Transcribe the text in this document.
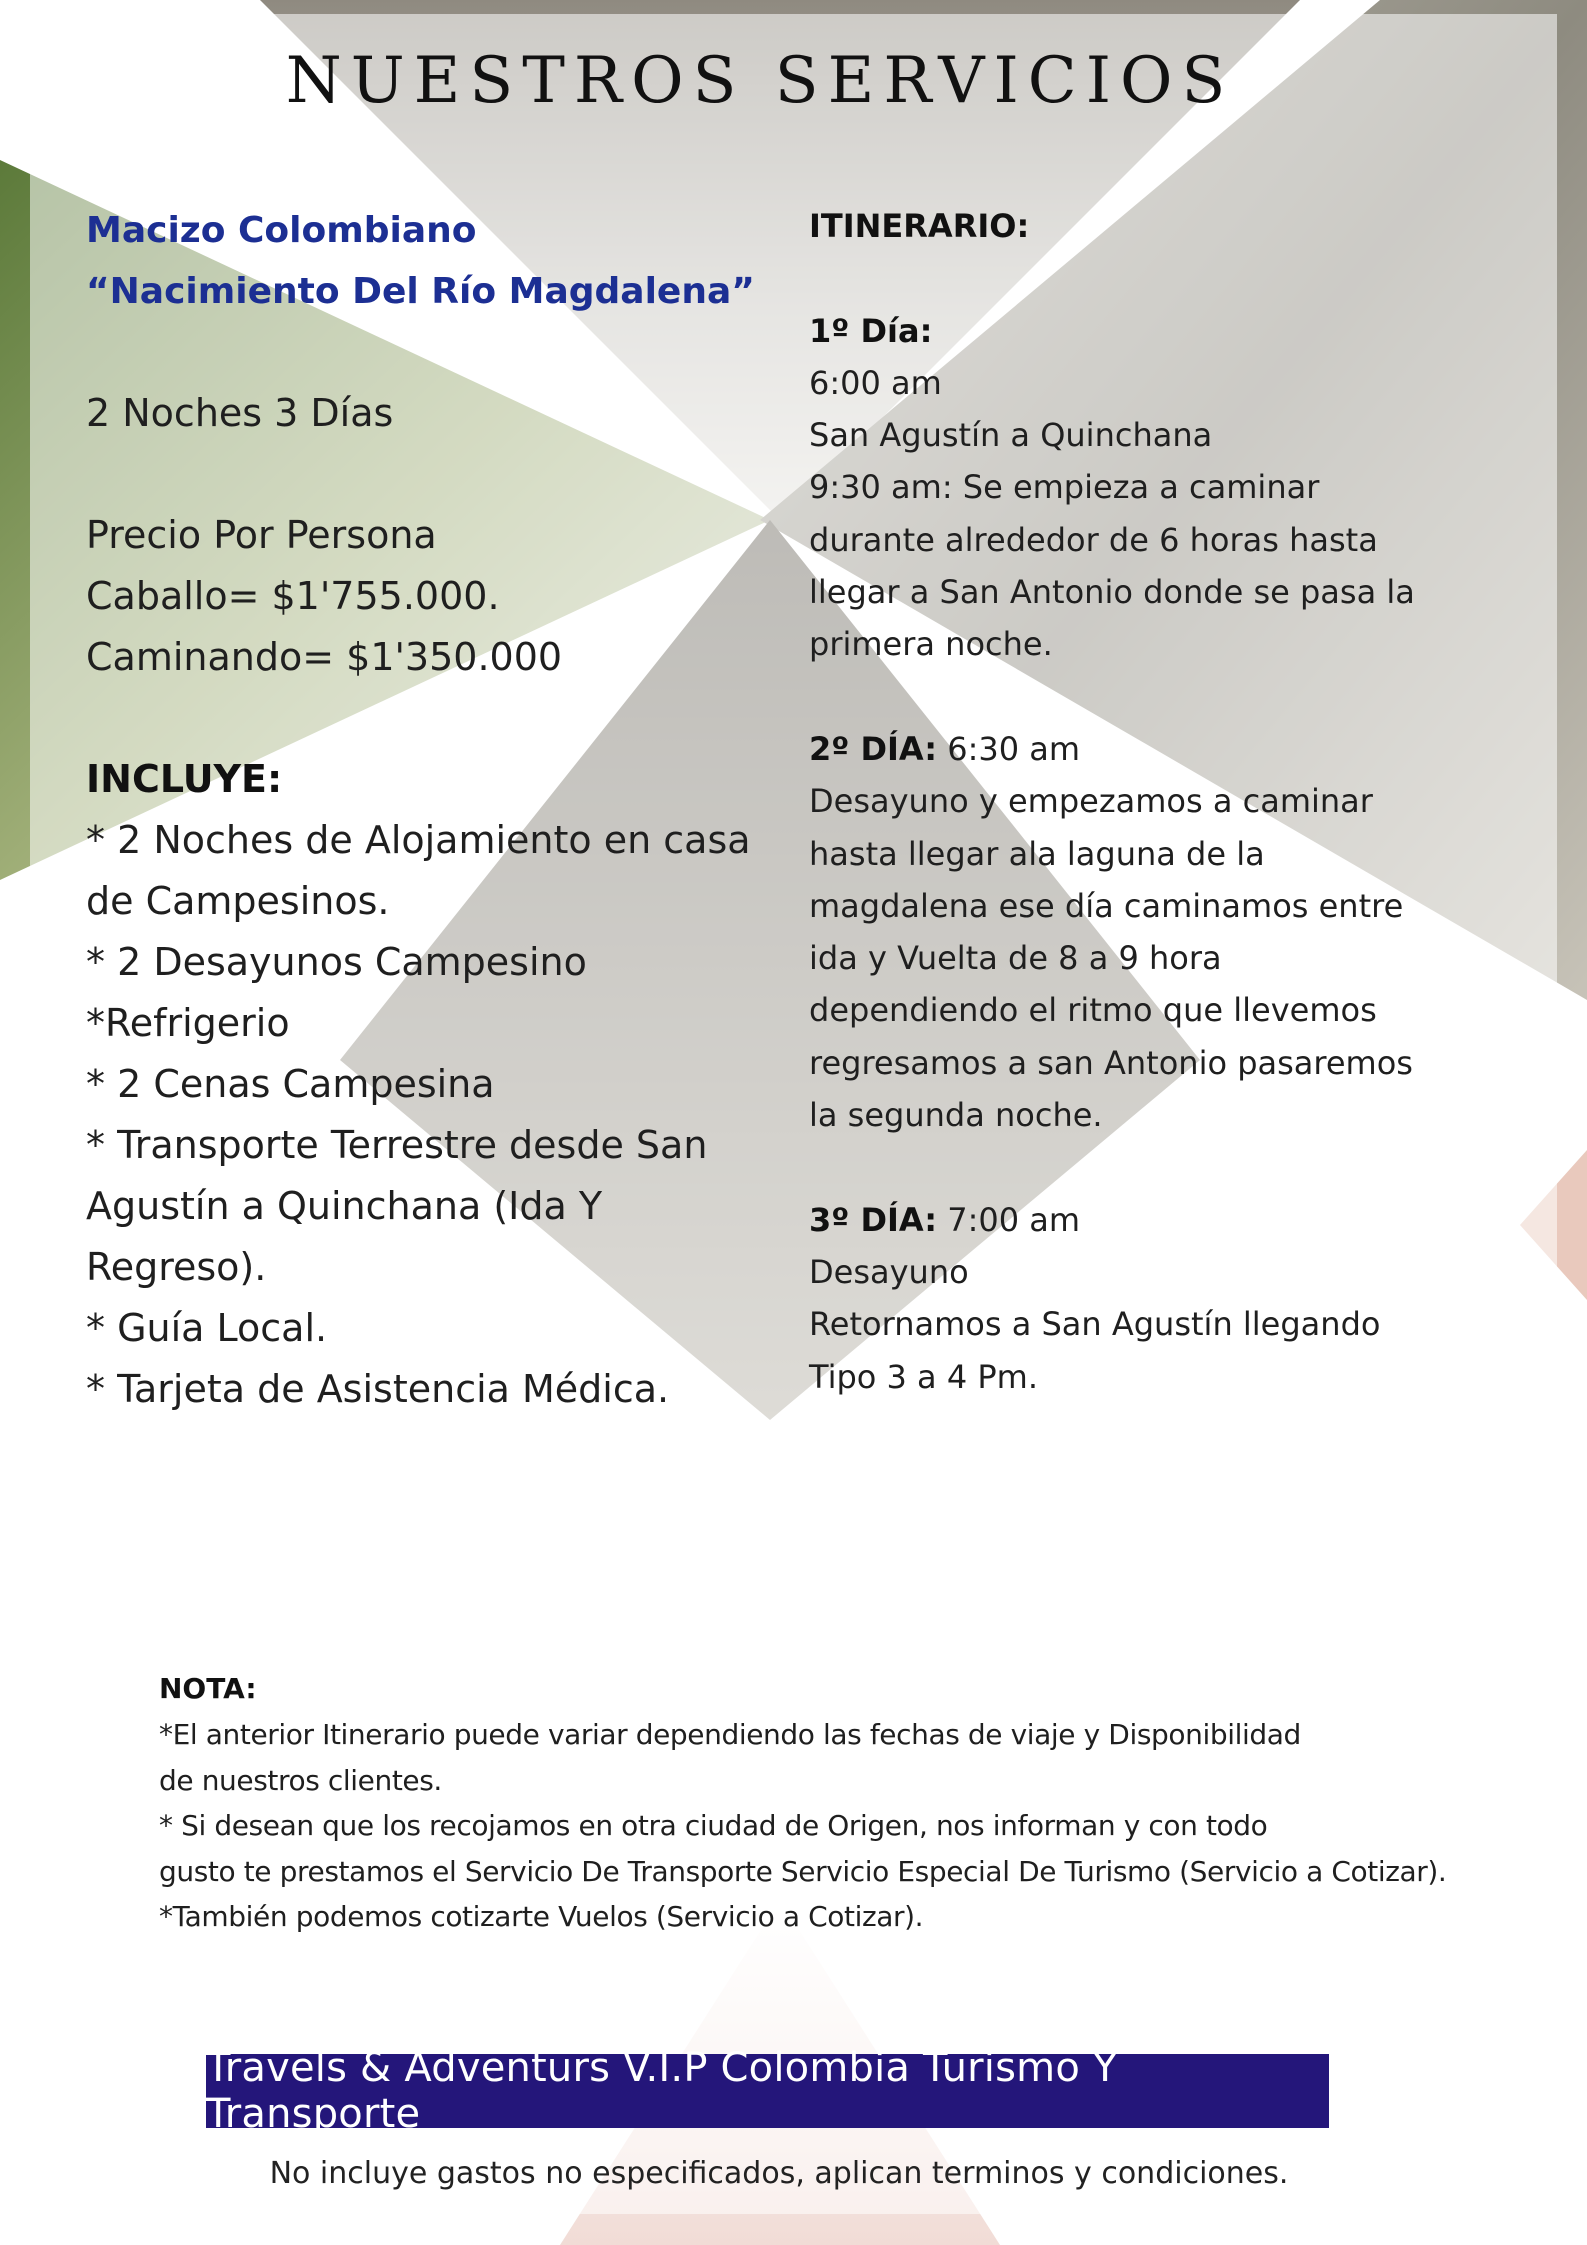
NUESTROS SERVICIOS
Macizo Colombiano
“Nacimiento Del Río Magdalena”
2 Noches 3 Días
Precio Por Persona
Caballo= $1'755.000.
Caminando= $1'350.000
INCLUYE:
* 2 Noches de Alojamiento en casa
de Campesinos.
* 2 Desayunos Campesino
*Refrigerio
* 2 Cenas Campesina
* Transporte Terrestre desde San
Agustín a Quinchana (Ida Y
Regreso).
* Guía Local.
* Tarjeta de Asistencia Médica.
ITINERARIO:
1º Día:
6:00 am
San Agustín a Quinchana
9:30 am: Se empieza a caminar
durante alrededor de 6 horas hasta
llegar a San Antonio donde se pasa la
primera noche.
2º DÍA: 6:30 am
Desayuno y empezamos a caminar
hasta llegar ala laguna de la
magdalena ese día caminamos entre
ida y Vuelta de 8 a 9 hora
dependiendo el ritmo que llevemos
regresamos a san Antonio pasaremos
la segunda noche.
3º DÍA: 7:00 am
Desayuno
Retornamos a San Agustín llegando
Tipo 3 a 4 Pm.
NOTA:
*El anterior Itinerario puede variar dependiendo las fechas de viaje y Disponibilidad
de nuestros clientes.
* Si desean que los recojamos en otra ciudad de Origen, nos informan y con todo
gusto te prestamos el Servicio De Transporte Servicio Especial De Turismo (Servicio a Cotizar).
*También podemos cotizarte Vuelos (Servicio a Cotizar).
Travels & Adventurs V.I.P Colombia Turismo Y Transporte
No incluye gastos no especificados, aplican terminos y condiciones.
